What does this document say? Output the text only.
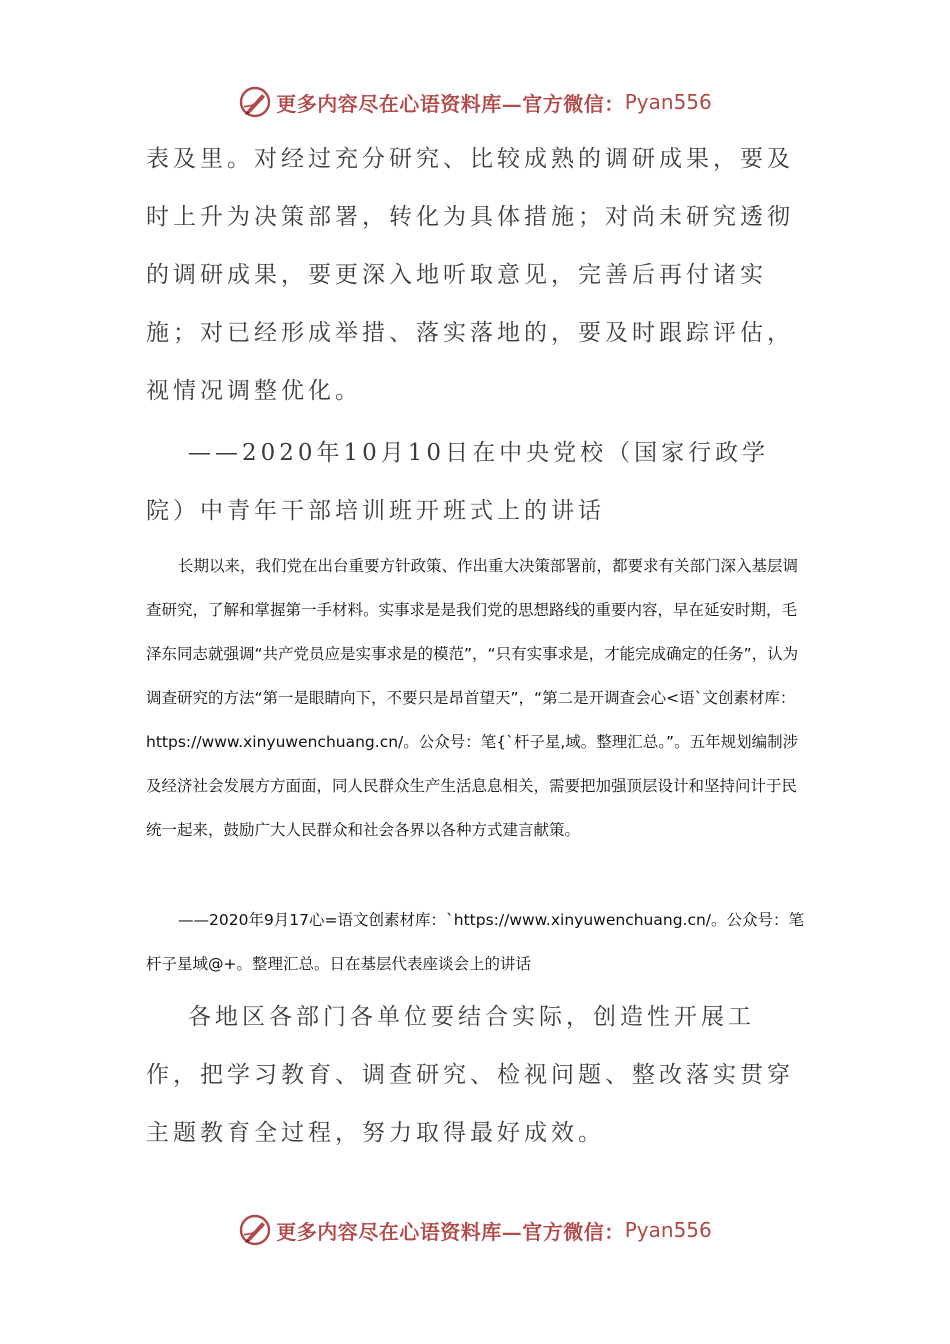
更多内容尽在心语资料库—官方微信： Pyan556

表及里。对经过充分研究、比较成熟的调研成果，要及时上升为决策部署，转化为具体措施；对尚未研究透彻的调研成果，要更深入地听取意见，完善后再付诸实施；对已经形成举措、落实落地的，要及时跟踪评估，视情况调整优化。

——2020年10月10日在中央党校（国家行政学院）中青年干部培训班开班式上的讲话

长期以来，我们党在出台重要方针政策、作出重大决策部署前，都要求有关部门深入基层调查研究，了解和掌握第一手材料。实事求是是我们党的思想路线的重要内容，早在延安时期，毛泽东同志就强调“共产党员应是实事求是的模范”，“只有实事求是，才能完成确定的任务”，认为调查研究的方法“第一是眼睛向下，不要只是昂首望天”，“第二是开调查会心<语`文创素材库：https://www.xinyuwenchuang.cn/。公众号：笔{`杆子星,域。整理汇总。”。五年规划编制涉及经济社会发展方方面面，同人民群众生产生活息息相关，需要把加强顶层设计和坚持问计于民统一起来，鼓励广大人民群众和社会各界以各种方式建言献策。

——2020年9月17心=语文创素材库：`https://www.xinyuwenchuang.cn/。公众号：笔杆子星域@+。整理汇总。日在基层代表座谈会上的讲话

各地区各部门各单位要结合实际，创造性开展工作，把学习教育、调查研究、检视问题、整改落实贯穿主题教育全过程，努力取得最好成效。

更多内容尽在心语资料库—官方微信： Pyan556
